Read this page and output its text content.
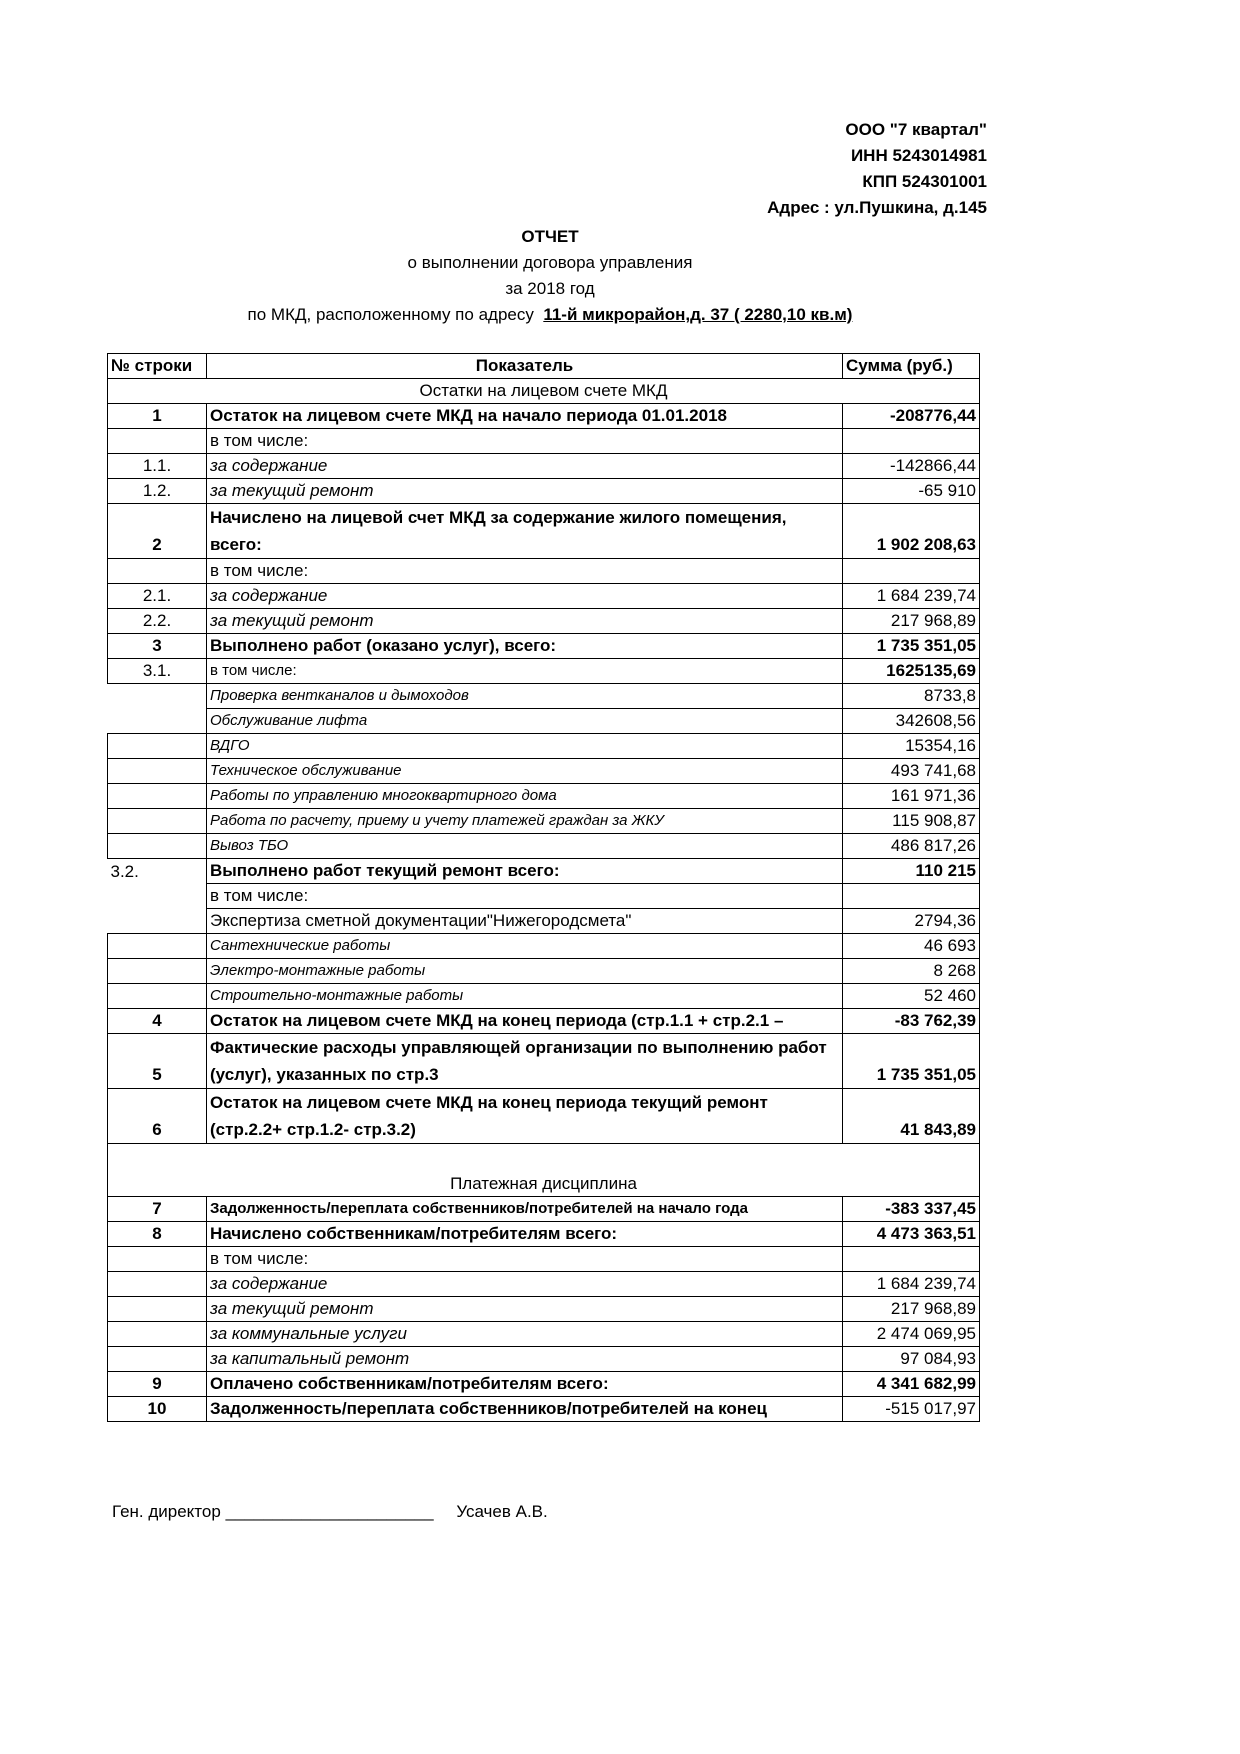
ООО "7 квартал"
ИНН 5243014981
КПП 524301001
Адрес : ул.Пушкина, д.145
ОТЧЕТ
о выполнении договора управления
за 2018 год
по МКД, расположенному по адресу 11-й микрорайон,д. 37 ( 2280,10 кв.м)
№ строки	Показатель	Сумма (руб.)
Остатки на лицевом счете МКД		
1	Остаток на лицевом счете МКД на начало периода 01.01.2018	-208776,44
	в том числе:	
1.1.	за содержание	-142866,44
1.2.	за текущий ремонт	-65 910
2	Начислено на лицевой счет МКД за содержание жилого помещения, всего:	1 902 208,63
	в том числе:	
2.1.	за содержание	1 684 239,74
2.2.	за текущий ремонт	217 968,89
3	Выполнено работ (оказано услуг), всего:	1 735 351,05
3.1.	в том числе:	1625135,69
	Проверка вентканалов и дымоходов	8733,8
	Обслуживание лифта	342608,56
	ВДГО	15354,16
	Техническое обслуживание	493 741,68
	Работы по управлению многоквартирного дома	161 971,36
	Работа по расчету, приему и учету платежей граждан за ЖКУ	115 908,87
	Вывоз ТБО	486 817,26
3.2.	Выполнено работ текущий ремонт всего:	110 215
	в том числе:	
	Экспертиза сметной документации"Нижегородсмета"	2794,36
	Сантехнические работы	46 693
	Электро-монтажные работы	8 268
	Строительно-монтажные работы	52 460
4	Остаток на лицевом счете МКД на конец периода (стр.1.1 + стр.2.1 –	-83 762,39
5	Фактические расходы управляющей организации по выполнению работ (услуг), указанных по стр.3	1 735 351,05
6	Остаток на лицевом счете МКД на конец периода текущий ремонт (стр.2.2+ стр.1.2- стр.3.2)	41 843,89
Платежная дисциплина		
7	Задолженность/переплата собственников/потребителей на начало года	-383 337,45
8	Начислено собственникам/потребителям всего:	4 473 363,51
	в том числе:	
	за содержание	1 684 239,74
	за текущий ремонт	217 968,89
	за коммунальные услуги	2 474 069,95
	за капитальный ремонт	97 084,93
9	Оплачено собственникам/потребителям всего:	4 341 682,99
10	Задолженность/переплата собственников/потребителей на конец	-515 017,97
Ген. директор ______________________ Усачев А.В.
